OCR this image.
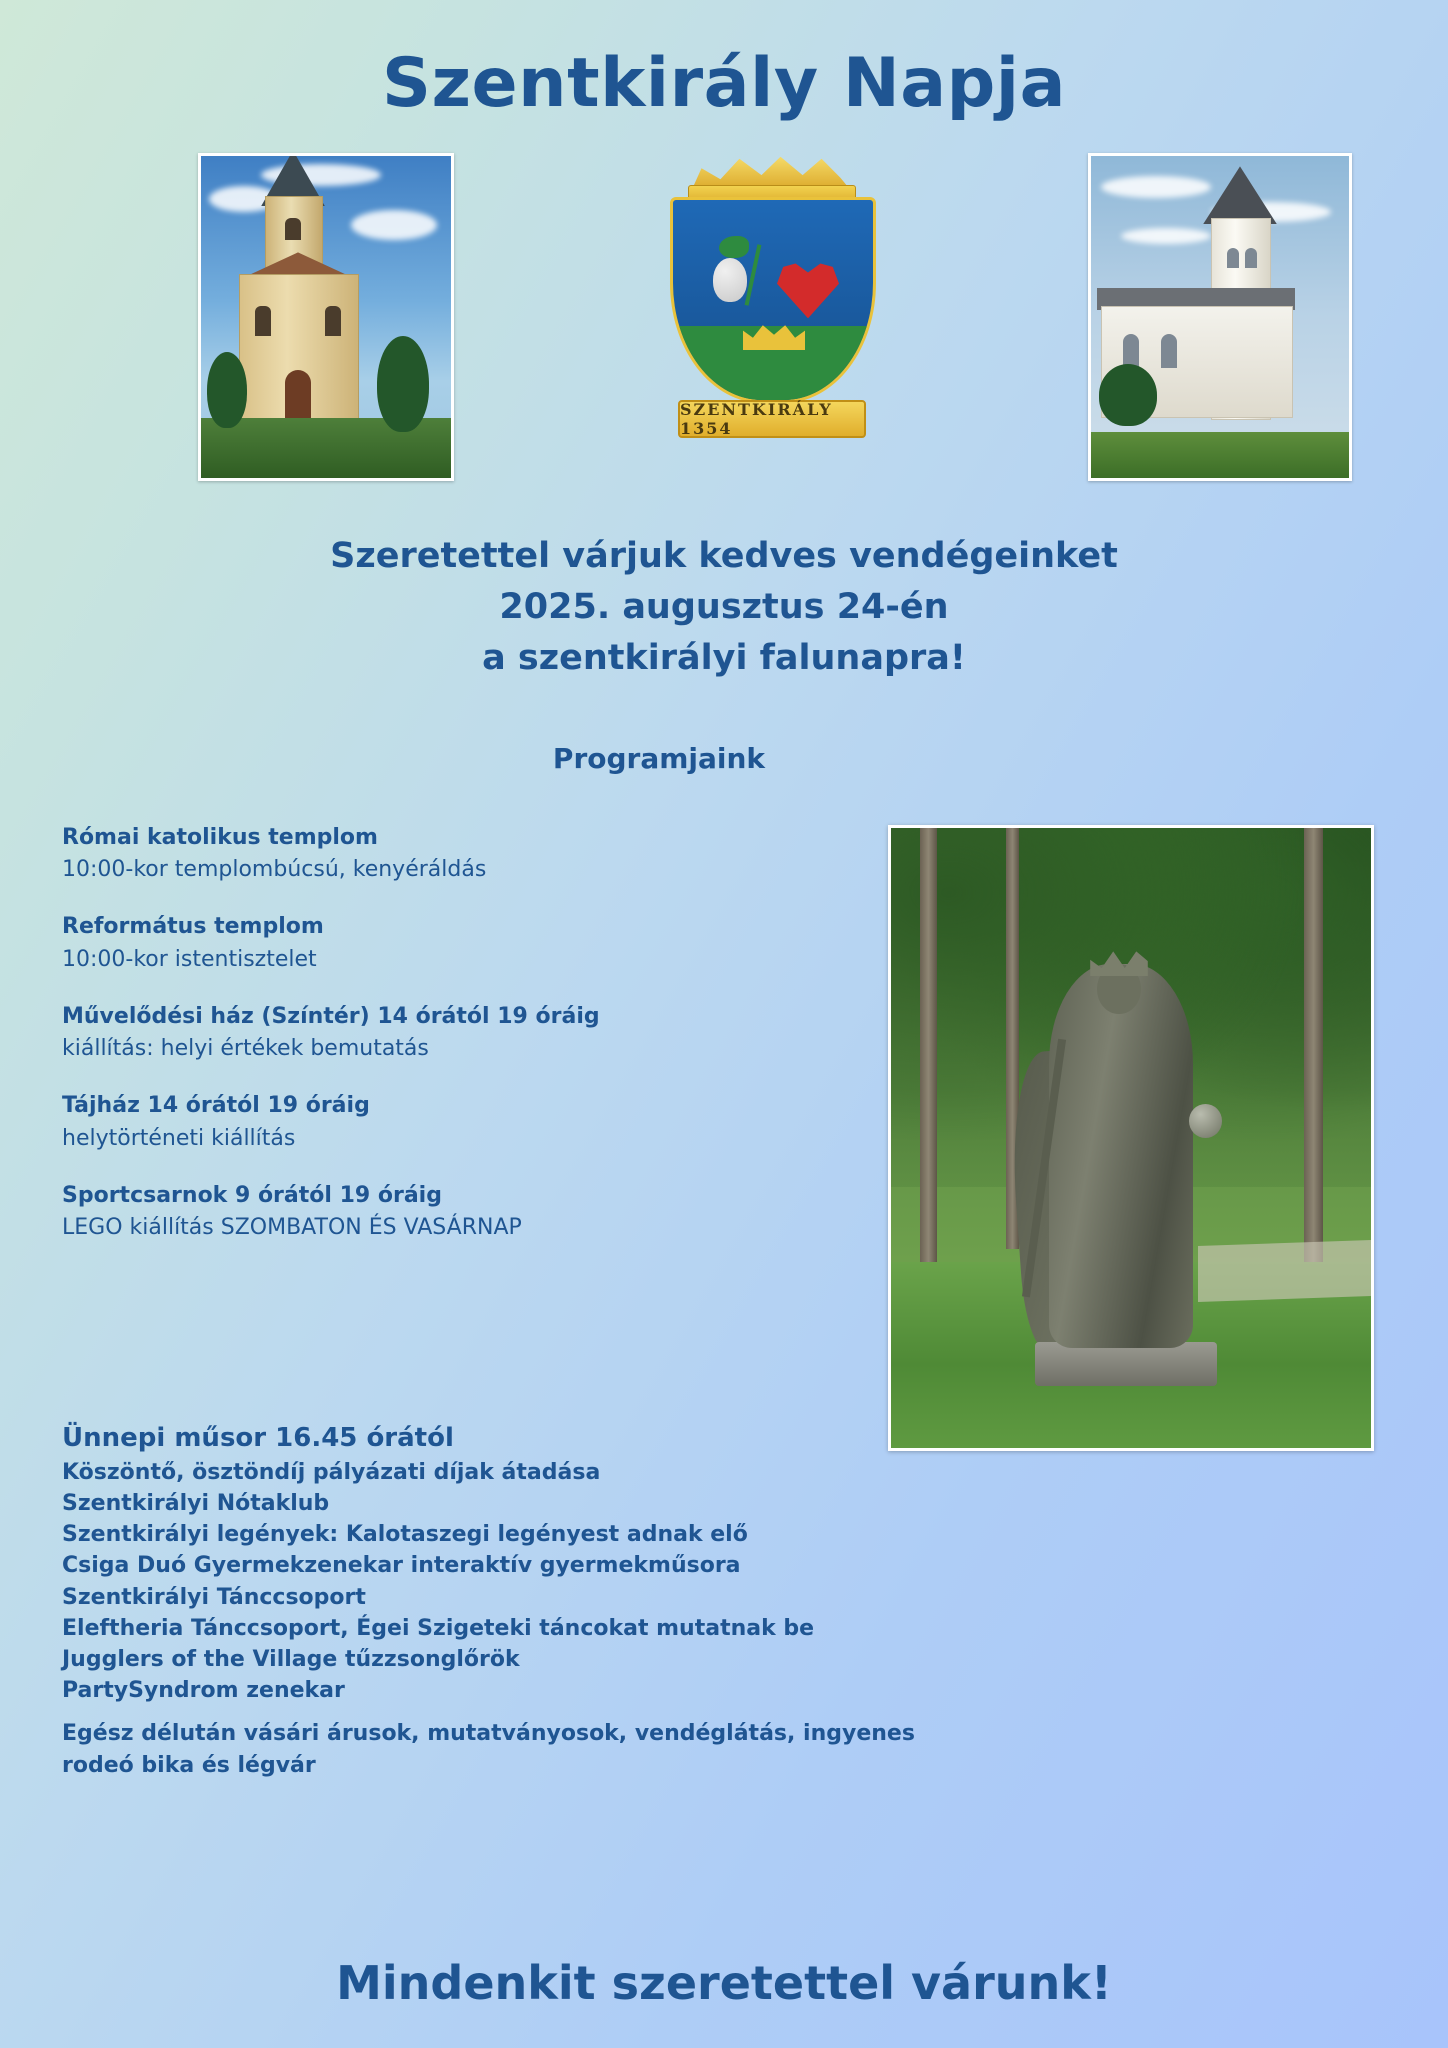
Szentkirály Napja
SZENTKIRÁLY 1354
Szeretettel várjuk kedves vendégeinket
2025. augusztus 24-én
a szentkirályi falunapra!
Programjaink
Római katolikus templom
10:00-kor templombúcsú, kenyéráldás
Református templom
10:00-kor istentisztelet
Művelődési ház (Színtér) 14 órától 19 óráig
kiállítás: helyi értékek bemutatás
Tájház 14 órától 19 óráig
helytörténeti kiállítás
Sportcsarnok 9 órától 19 óráig
LEGO kiállítás SZOMBATON ÉS VASÁRNAP
Ünnepi műsor 16.45 órától
Köszöntő, ösztöndíj pályázati díjak átadása
Szentkirályi Nótaklub
Szentkirályi legények: Kalotaszegi legényest adnak elő
Csiga Duó Gyermekzenekar interaktív gyermekműsora
Szentkirályi Tánccsoport
Eleftheria Tánccsoport, Égei Szigeteki táncokat mutatnak be
Jugglers of the Village tűzzsonglőrök
PartySyndrom zenekar
Egész délután vásári árusok, mutatványosok, vendéglátás, ingyenes
rodeó bika és légvár
Mindenkit szeretettel várunk!
